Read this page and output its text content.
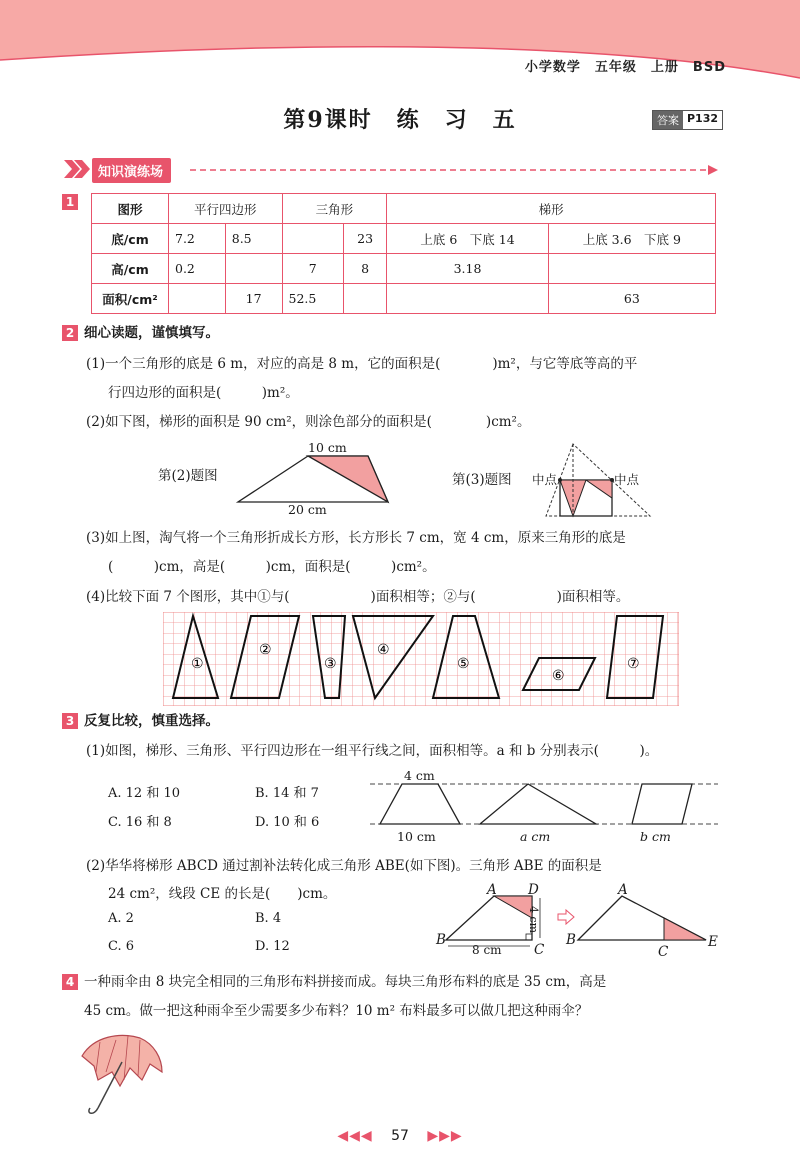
小学数学　五年级　上册　BSD
第9课时　练　习　五	答案 P132
知识演练场
1	图形	平行四边形		三角形		梯形	
底/cm	7.2	8.5		23	上底 6　下底 14	上底 3.6　下底 9
高/cm	0.2		7	8	3.18	
面积/cm²		17	52.5			63
2 细心读题，谨慎填写。
(1)一个三角形的底是 6 m，对应的高是 8 m，它的面积是(	)m²，与它等底等高的平
行四边形的面积是(　　　)m²。
(2)如下图，梯形的面积是 90 cm²，则涂色部分的面积是(　　　　)cm²。
第(2)题图
10 cm
20 cm
第(3)题图 中点	中点
(3)如上图，淘气将一个三角形折成长方形，长方形长 7 cm，宽 4 cm，原来三角形的底是
(　　　)cm，高是(　　　)cm，面积是(　　　)cm²。
(4)比较下面 7 个图形，其中①与(　　　　　　)面积相等；②与(　　　　　　)面积相等。
①
②
③
④
⑤
⑥
⑦
3 反复比较，慎重选择。
(1)如图，梯形、三角形、平行四边形在一组平行线之间，面积相等。a 和 b 分别表示(　　　)。
A. 12 和 10	B. 14 和 7
C. 16 和 8	D. 10 和 6
4 cm
10 cm	a cm	b cm
(2)华华将梯形 ABCD 通过割补法转化成三角形 ABE(如下图)。三角形 ABE 的面积是
24 cm²，线段 CE 的长是(　　)cm。
A. 2	B. 4
C. 6	D. 12
A D
B
C
8 cm
4 cm
A
B
C
E
4 一种雨伞由 8 块完全相同的三角形布料拼接而成。每块三角形布料的底是 35 cm，高是
45 cm。做一把这种雨伞至少需要多少布料？10 m² 布料最多可以做几把这种雨伞？
◀◀◀ 57 ▶▶▶
